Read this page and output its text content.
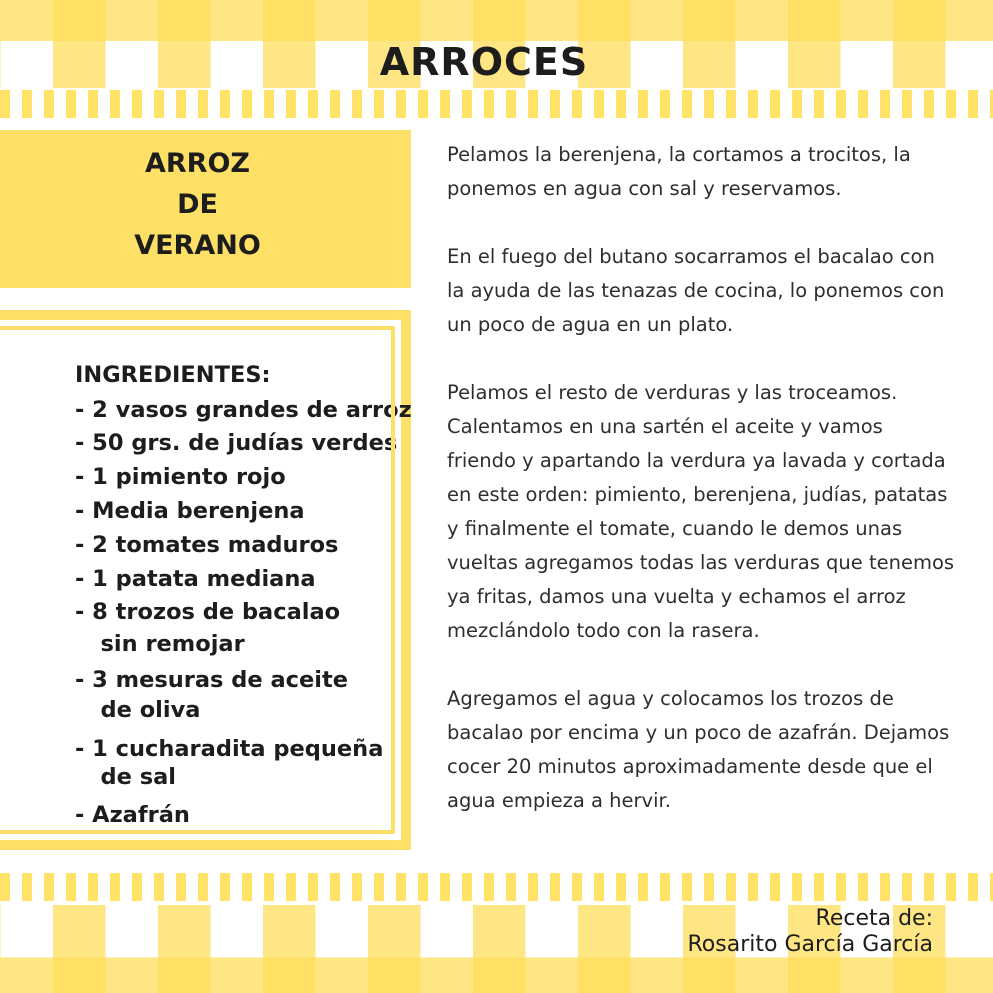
ARROCES
ARROZ
DE
VERANO
INGREDIENTES:
- 2 vasos grandes de arroz
- 50 grs. de judías verdes
- 1 pimiento rojo
- Media berenjena
- 2 tomates maduros
- 1 patata mediana
- 8 trozos de bacalao
sin remojar
- 3 mesuras de aceite
de oliva
- 1 cucharadita pequeña
de sal
- Azafrán

Pelamos la berenjena, la cortamos a trocitos, la ponemos en agua con sal y reservamos.

En el fuego del butano socarramos el bacalao con la ayuda de las tenazas de cocina, lo ponemos con un poco de agua en un plato.

Pelamos el resto de verduras y las troceamos. Calentamos en una sartén el aceite y vamos friendo y apartando la verdura ya lavada y cortada en este orden: pimiento, berenjena, judías, patatas y finalmente el tomate, cuando le demos unas vueltas agregamos todas las verduras que tenemos ya fritas, damos una vuelta y echamos el arroz mezclándolo todo con la rasera.

Agregamos el agua y colocamos los trozos de bacalao por encima y un poco de azafrán. Dejamos cocer 20 minutos aproximadamente desde que el agua empieza a hervir.

Receta de:
Rosarito García García
